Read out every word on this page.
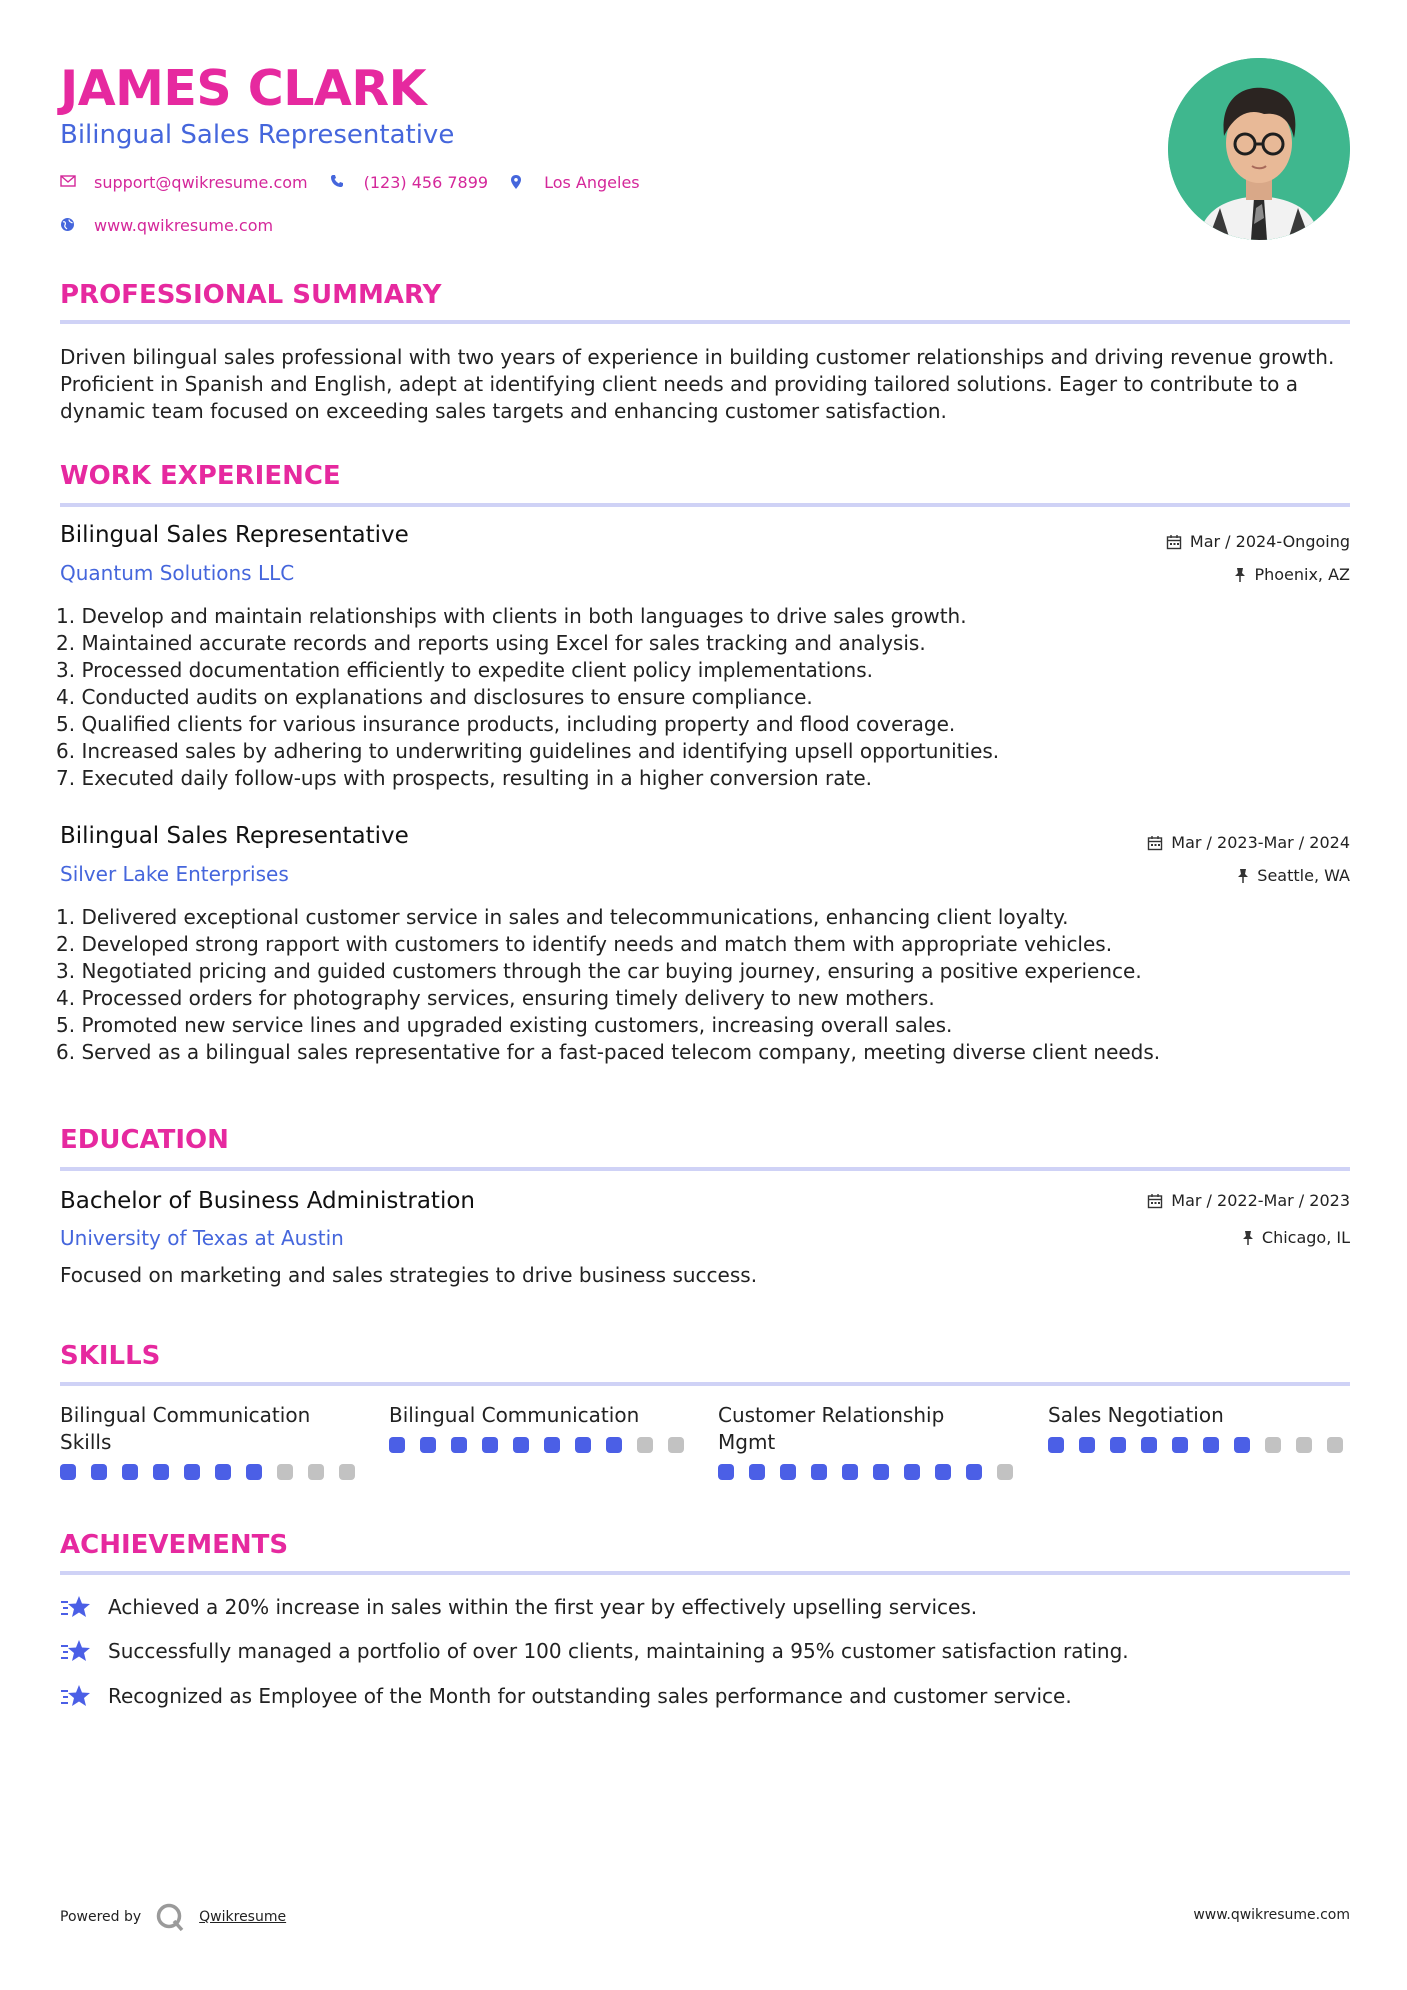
JAMES CLARK
Bilingual Sales Representative
support@qwikresume.com	(123) 456 7899	Los Angeles
www.qwikresume.com
PROFESSIONAL SUMMARY
Driven bilingual sales professional with two years of experience in building customer relationships and driving revenue growth. Proficient in Spanish and English, adept at identifying client needs and providing tailored solutions. Eager to contribute to a dynamic team focused on exceeding sales targets and enhancing customer satisfaction.
WORK EXPERIENCE
Bilingual Sales Representative
Quantum Solutions LLC
Mar / 2024-Ongoing
Phoenix, AZ
1. Develop and maintain relationships with clients in both languages to drive sales growth.
2. Maintained accurate records and reports using Excel for sales tracking and analysis.
3. Processed documentation efficiently to expedite client policy implementations.
4. Conducted audits on explanations and disclosures to ensure compliance.
5. Qualified clients for various insurance products, including property and flood coverage.
6. Increased sales by adhering to underwriting guidelines and identifying upsell opportunities.
7. Executed daily follow-ups with prospects, resulting in a higher conversion rate.
Bilingual Sales Representative
Silver Lake Enterprises
Mar / 2023-Mar / 2024
Seattle, WA
1. Delivered exceptional customer service in sales and telecommunications, enhancing client loyalty.
2. Developed strong rapport with customers to identify needs and match them with appropriate vehicles.
3. Negotiated pricing and guided customers through the car buying journey, ensuring a positive experience.
4. Processed orders for photography services, ensuring timely delivery to new mothers.
5. Promoted new service lines and upgraded existing customers, increasing overall sales.
6. Served as a bilingual sales representative for a fast-paced telecom company, meeting diverse client needs.
EDUCATION
Bachelor of Business Administration
University of Texas at Austin
Mar / 2022-Mar / 2023
Chicago, IL
Focused on marketing and sales strategies to drive business success.
SKILLS
Bilingual Communication Skills
Bilingual Communication	Customer Relationship Mgmt
Sales Negotiation
ACHIEVEMENTS
Achieved a 20% increase in sales within the first year by effectively upselling services.
Successfully managed a portfolio of over 100 clients, maintaining a 95% customer satisfaction rating.
Recognized as Employee of the Month for outstanding sales performance and customer service.
Powered by	Qwikresume	www.qwikresume.com
